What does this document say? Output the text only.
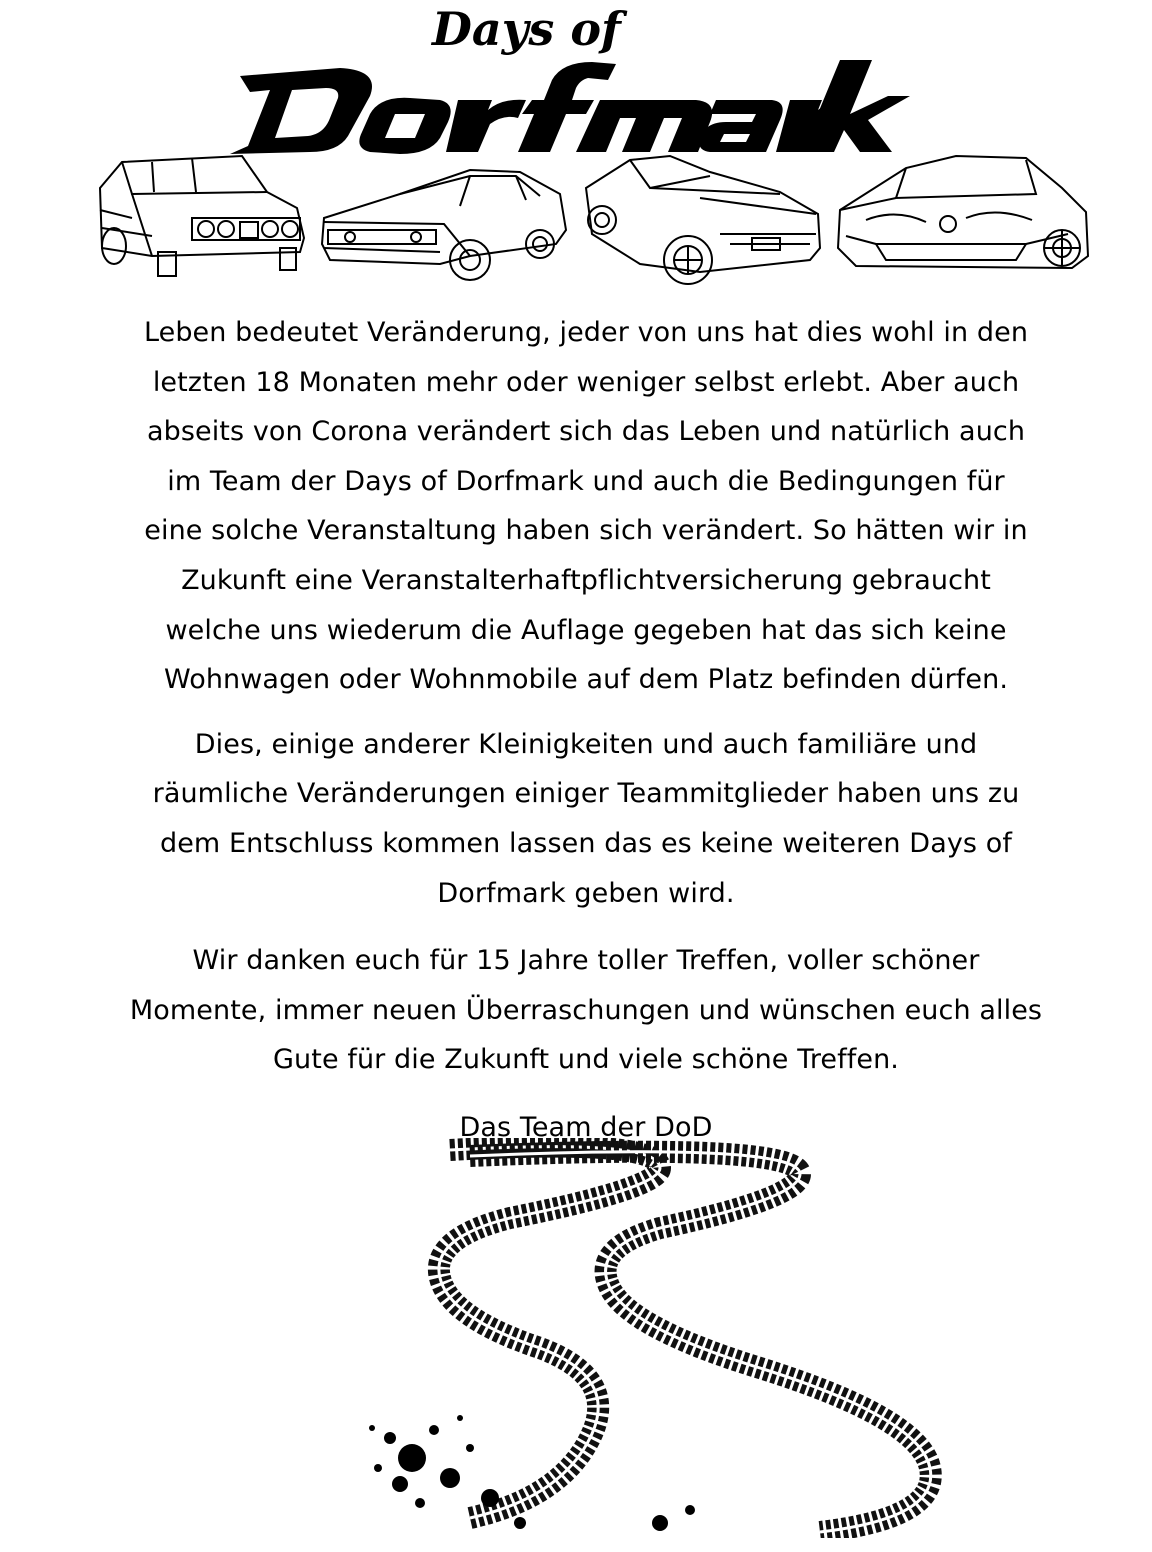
Days of

Leben bedeutet Veränderung, jeder von uns hat dies wohl in den
letzten 18 Monaten mehr oder weniger selbst erlebt. Aber auch
abseits von Corona verändert sich das Leben und natürlich auch
im Team der Days of Dorfmark und auch die Bedingungen für
eine solche Veranstaltung haben sich verändert. So hätten wir in
Zukunft eine Veranstalterhaftpflichtversicherung gebraucht
welche uns wiederum die Auflage gegeben hat das sich keine
Wohnwagen oder Wohnmobile auf dem Platz befinden dürfen.

Dies, einige anderer Kleinigkeiten und auch familiäre und
räumliche Veränderungen einiger Teammitglieder haben uns zu
dem Entschluss kommen lassen das es keine weiteren Days of
Dorfmark geben wird.

Wir danken euch für 15 Jahre toller Treffen, voller schöner
Momente, immer neuen Überraschungen und wünschen euch alles
Gute für die Zukunft und viele schöne Treffen.

Das Team der DoD
